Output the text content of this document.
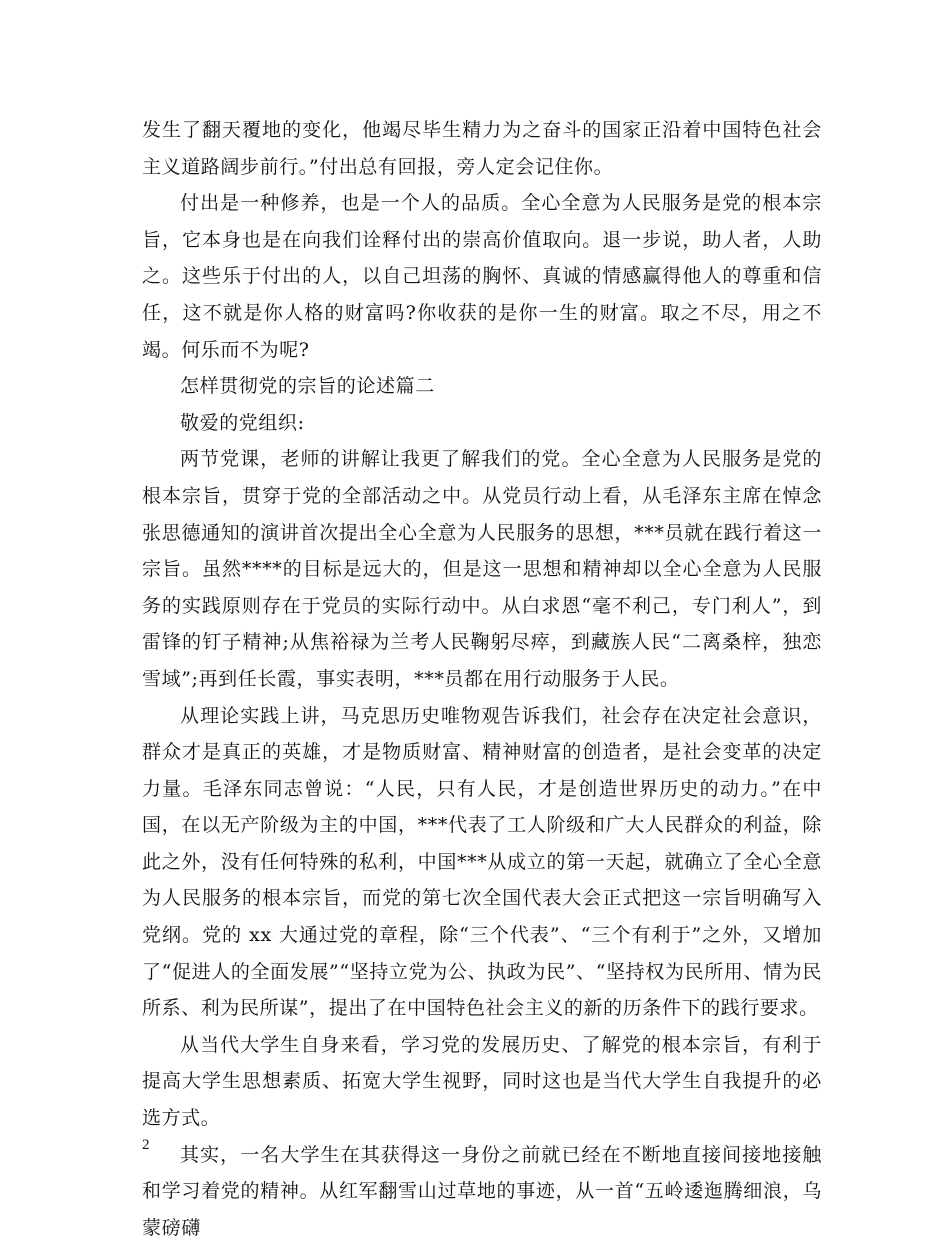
发生了翻天覆地的变化，他竭尽毕生精力为之奋斗的国家正沿着中国特色社会主义道路阔步前行。”付出总有回报，旁人定会记住你。

付出是一种修养，也是一个人的品质。全心全意为人民服务是党的根本宗旨，它本身也是在向我们诠释付出的崇高价值取向。退一步说，助人者，人助之。这些乐于付出的人，以自己坦荡的胸怀、真诚的情感赢得他人的尊重和信任，这不就是你人格的财富吗?你收获的是你一生的财富。取之不尽，用之不竭。何乐而不为呢?

怎样贯彻党的宗旨的论述篇二

敬爱的党组织:

两节党课，老师的讲解让我更了解我们的党。全心全意为人民服务是党的根本宗旨，贯穿于党的全部活动之中。从党员行动上看，从毛泽东主席在悼念张思德通知的演讲首次提出全心全意为人民服务的思想，***员就在践行着这一宗旨。虽然****的目标是远大的，但是这一思想和精神却以全心全意为人民服务的实践原则存在于党员的实际行动中。从白求恩“毫不利己，专门利人”，到雷锋的钉子精神;从焦裕禄为兰考人民鞠躬尽瘁，到藏族人民“二离桑梓，独恋雪域”;再到任长霞，事实表明，***员都在用行动服务于人民。

从理论实践上讲，马克思历史唯物观告诉我们，社会存在决定社会意识，群众才是真正的英雄，才是物质财富、精神财富的创造者，是社会变革的决定力量。毛泽东同志曾说：“人民，只有人民，才是创造世界历史的动力。”在中国，在以无产阶级为主的中国，***代表了工人阶级和广大人民群众的利益，除此之外，没有任何特殊的私利，中国***从成立的第一天起，就确立了全心全意为人民服务的根本宗旨，而党的第七次全国代表大会正式把这一宗旨明确写入党纲。党的 xx 大通过党的章程，除“三个代表”、“三个有利于”之外，又增加了“促进人的全面发展”“坚持立党为公、执政为民”、“坚持权为民所用、情为民所系、利为民所谋”，提出了在中国特色社会主义的新的历条件下的践行要求。

从当代大学生自身来看，学习党的发展历史、了解党的根本宗旨，有利于提高大学生思想素质、拓宽大学生视野，同时这也是当代大学生自我提升的必选方式。

其实，一名大学生在其获得这一身份之前就已经在不断地直接间接地接触和学习着党的精神。从红军翻雪山过草地的事迹，从一首“五岭逶迤腾细浪，乌蒙磅礴

2
